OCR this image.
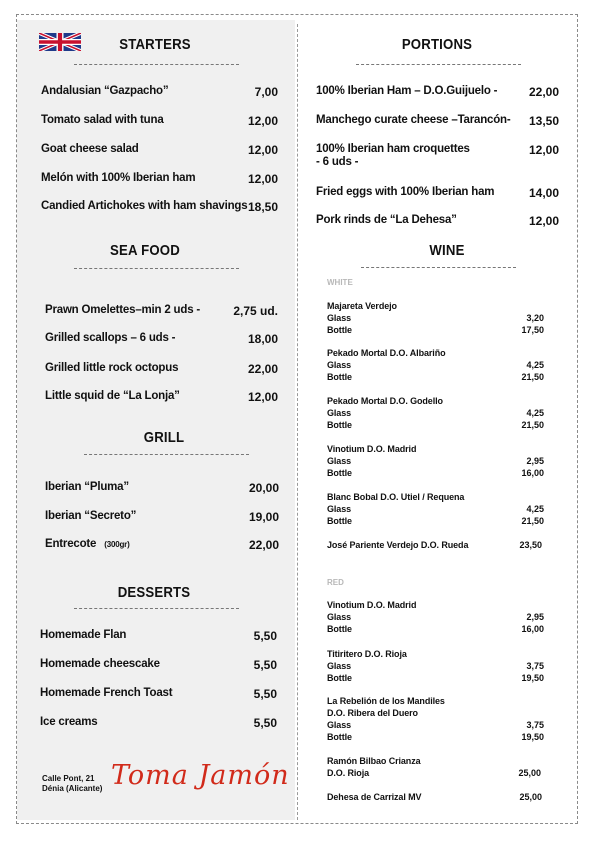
STARTERS
SEA FOOD
GRILL
DESSERTS
Calle Pont, 21
Dénia (Alicante) Toma Jamón
PORTIONS
WINE
WHITE
RED
Andalusian “Gazpacho”	7,00
Tomato salad with tuna	12,00
Goat cheese salad	12,00
Melón with 100% Iberian ham	12,00
Candied Artichokes with ham shavings 18,50
Prawn Omelettes–min 2 uds -	2,75 ud.
Grilled scallops – 6 uds -	18,00
Grilled little rock octopus	22,00
Little squid de “La Lonja”	12,00
Iberian “Pluma”	20,00
Iberian “Secreto”	19,00
Entrecote (300gr)	22,00
Homemade Flan	5,50
Homemade cheescake	5,50
Homemade French Toast	5,50
Ice creams	5,50
100% Iberian Ham – D.O.Guijuelo -	22,00
Manchego curate cheese –Tarancón- 13,50
100% Iberian ham croquettes
- 6 uds -
12,00
Fried eggs with 100% Iberian ham	14,00
Pork rinds de “La Dehesa”	12,00
Majareta Verdejo
Glass	3,20
Bottle	17,50
Pekado Mortal D.O. Albariño
Glass	4,25
Bottle	21,50
Pekado Mortal D.O. Godello
Glass	4,25
Bottle	21,50
Vinotium D.O. Madrid
Glass	2,95
Bottle	16,00
Blanc Bobal D.O. Utiel / Requena
Glass	4,25
Bottle	21,50
José Pariente Verdejo D.O. Rueda	23,50
Vinotium D.O. Madrid
Glass	2,95
Bottle	16,00
Titiritero D.O. Rioja
Glass	3,75
Bottle	19,50
La Rebelión de los Mandiles
D.O. Ribera del Duero
Glass	3,75
Bottle	19,50
Ramón Bilbao Crianza
D.O. Rioja	25,00
Dehesa de Carrizal MV	25,00
